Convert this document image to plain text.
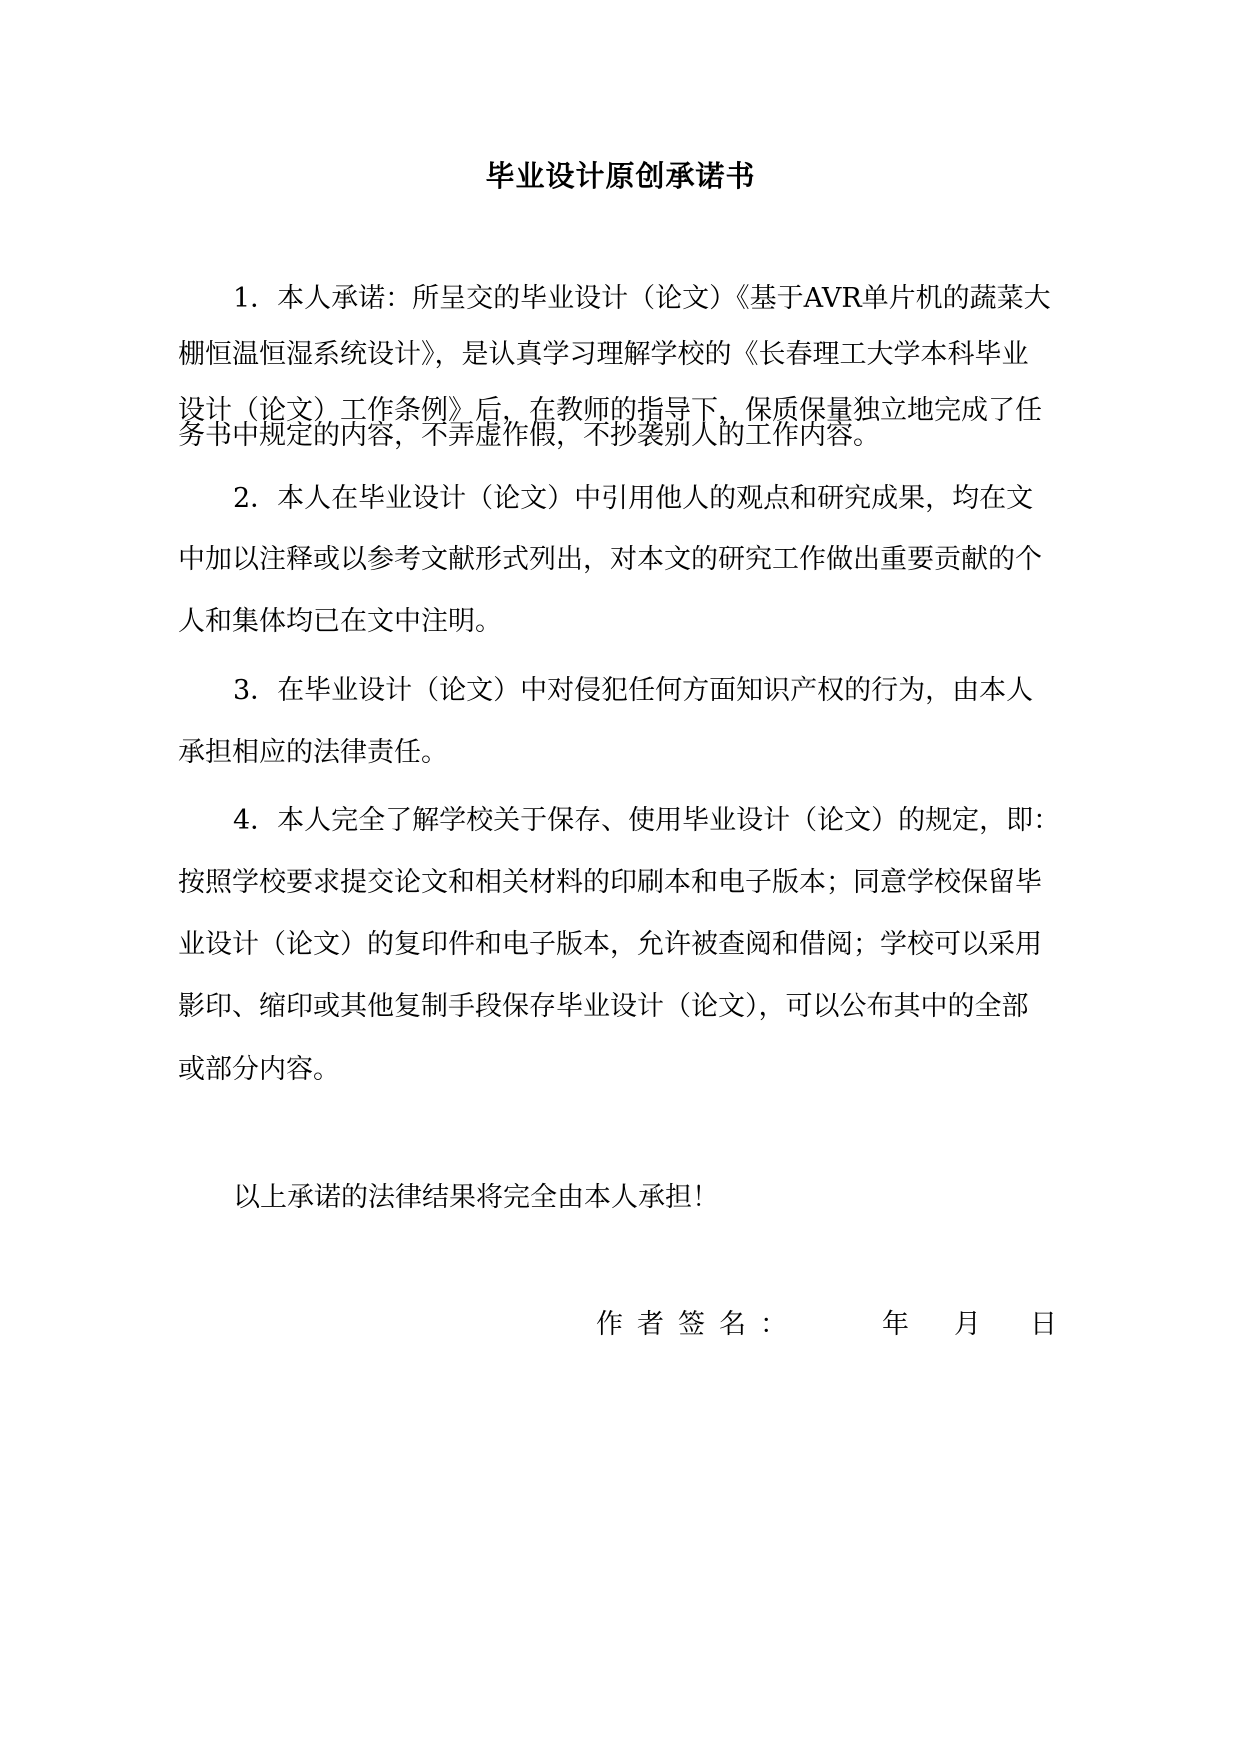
毕业设计原创承诺书
1．本人承诺：所呈交的毕业设计（论文）《基于AVR单片机的蔬菜大
棚恒温恒湿系统设计》，是认真学习理解学校的《长春理工大学本科毕业
设计（论文）工作条例》后，在教师的指导下，保质保量独立地完成了任
务书中规定的内容，不弄虚作假，不抄袭别人的工作内容。
2．本人在毕业设计（论文）中引用他人的观点和研究成果，均在文
中加以注释或以参考文献形式列出，对本文的研究工作做出重要贡献的个
人和集体均已在文中注明。
3．在毕业设计（论文）中对侵犯任何方面知识产权的行为，由本人
承担相应的法律责任。
4．本人完全了解学校关于保存、使用毕业设计（论文）的规定，即：
按照学校要求提交论文和相关材料的印刷本和电子版本；同意学校保留毕
业设计（论文）的复印件和电子版本，允许被查阅和借阅；学校可以采用
影印、缩印或其他复制手段保存毕业设计（论文），可以公布其中的全部
或部分内容。
以上承诺的法律结果将完全由本人承担！
作者签名：	年 月 日
